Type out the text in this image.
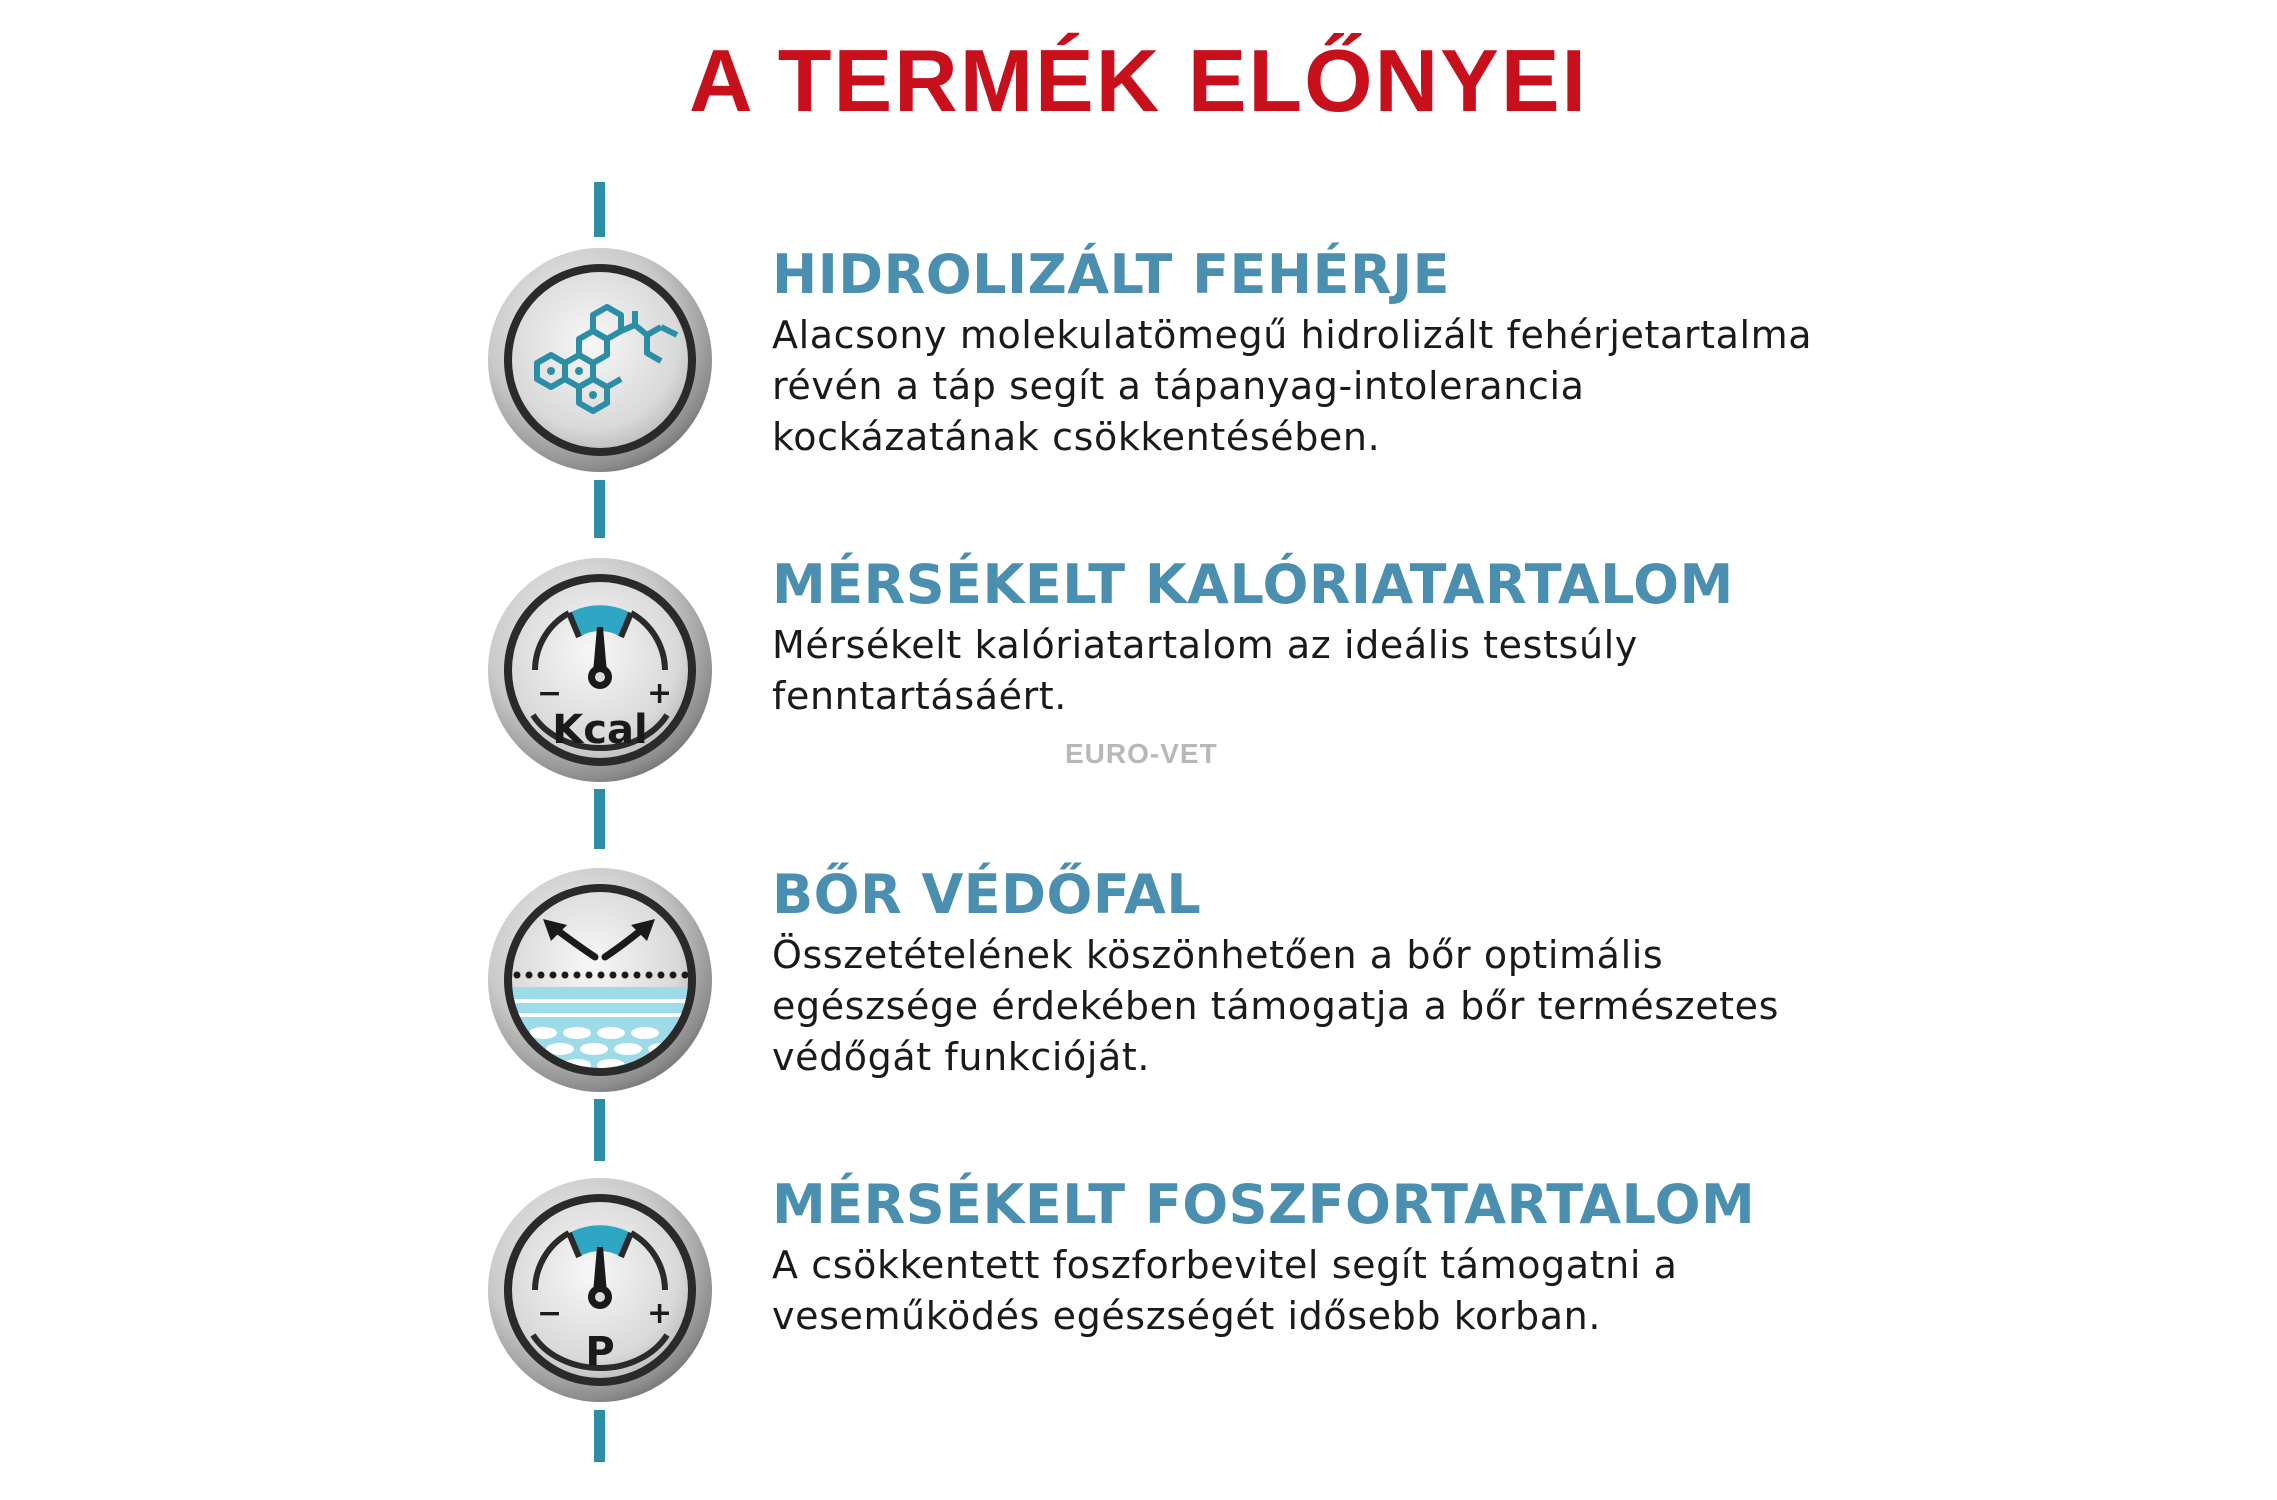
A TERMÉK ELŐNYEI
HIDROLIZÁLT FEHÉRJE
Alacsony molekulatömegű hidrolizált fehérjetartalma
révén a táp segít a tápanyag-intolerancia
kockázatának csökkentésében.
−	+
Kcal
MÉRSÉKELT KALÓRIATARTALOM
Mérsékelt kalóriatartalom az ideális testsúly
fenntartásáért.
EURO-VET
BŐR VÉDŐFAL
Összetételének köszönhetően a bőr optimális
egészsége érdekében támogatja a bőr természetes
védőgát funkcióját.
−	+
P
MÉRSÉKELT FOSZFORTARTALOM
A csökkentett foszforbevitel segít támogatni a
veseműködés egészségét idősebb korban.
